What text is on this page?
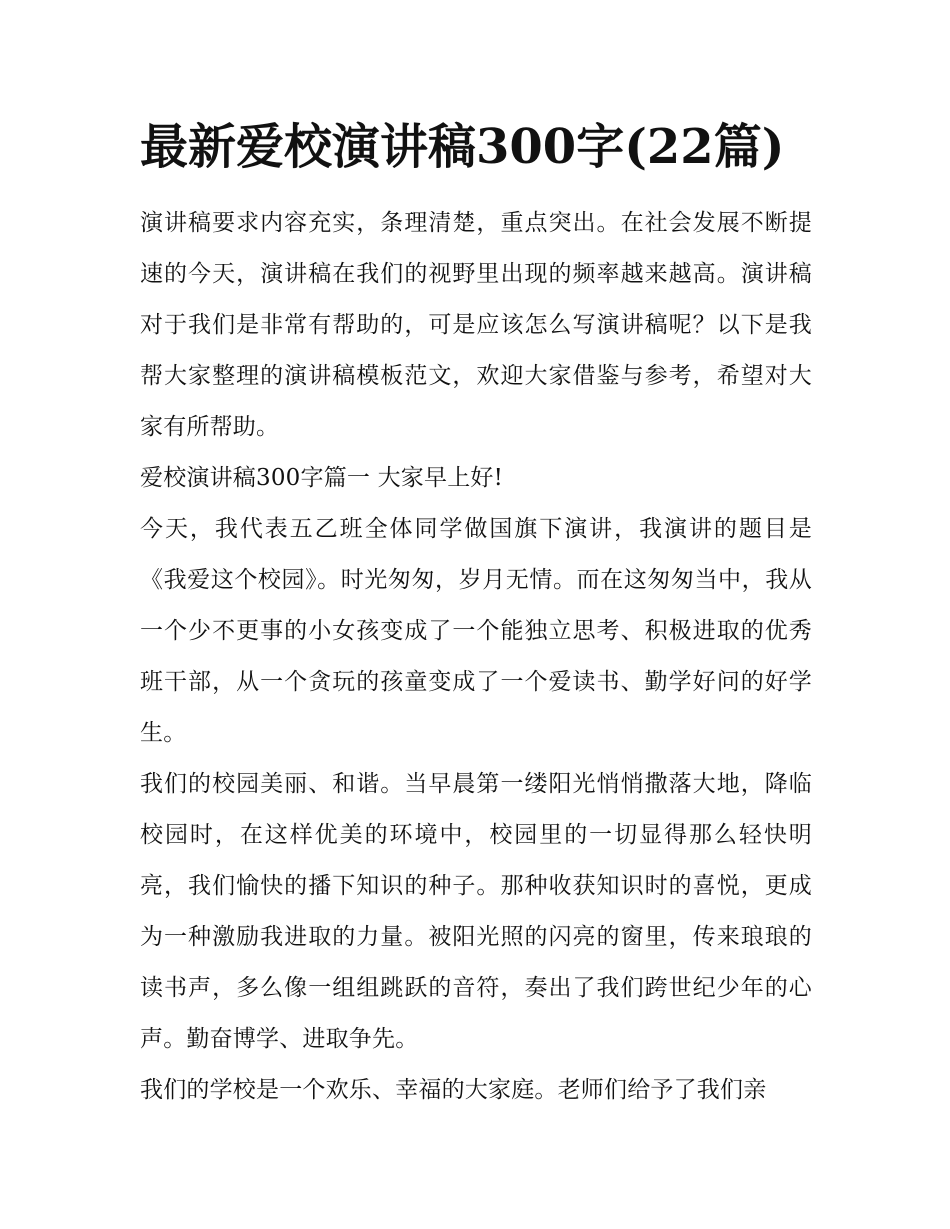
最新爱校演讲稿300字(22篇)

演讲稿要求内容充实，条理清楚，重点突出。在社会发展不断提速的今天，演讲稿在我们的视野里出现的频率越来越高。演讲稿对于我们是非常有帮助的，可是应该怎么写演讲稿呢？以下是我帮大家整理的演讲稿模板范文，欢迎大家借鉴与参考，希望对大家有所帮助。

爱校演讲稿300字篇一 大家早上好!

今天，我代表五乙班全体同学做国旗下演讲，我演讲的题目是《我爱这个校园》。时光匆匆，岁月无情。而在这匆匆当中，我从一个少不更事的小女孩变成了一个能独立思考、积极进取的优秀班干部，从一个贪玩的孩童变成了一个爱读书、勤学好问的好学生。

我们的校园美丽、和谐。当早晨第一缕阳光悄悄撒落大地，降临校园时，在这样优美的环境中，校园里的一切显得那么轻快明亮，我们愉快的播下知识的种子。那种收获知识时的喜悦，更成为一种激励我进取的力量。被阳光照的闪亮的窗里，传来琅琅的读书声，多么像一组组跳跃的音符，奏出了我们跨世纪少年的心声。勤奋博学、进取争先。

我们的学校是一个欢乐、幸福的大家庭。老师们给予了我们亲
